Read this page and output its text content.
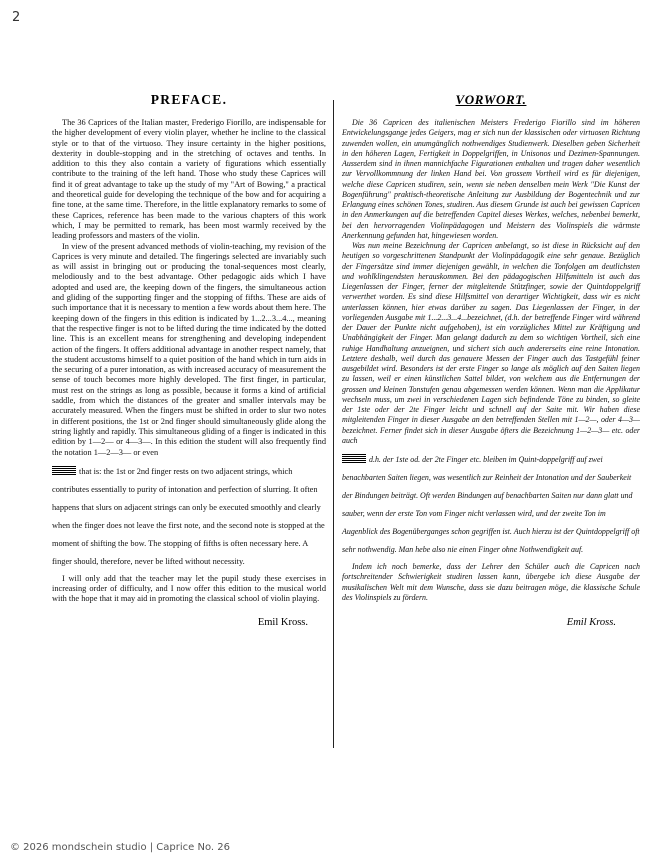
2
PREFACE.

The 36 Caprices of the Italian master, Frederigo Fiorillo, are indispensable for the higher development of every violin player, whether he incline to the classical style or to that of the virtuoso. They insure certainty in the higher positions, dexterity in double-stopping and in the stretching of octaves and tenths. In addition to this they also contain a variety of figurations which essentially contribute to the training of the left hand. Those who study these Caprices will find it of great advantage to take up the study of my "Art of Bowing," a practical and theoretical guide for developing the technique of the bow and for acquiring a fine tone, at the same time. Therefore, in the little explanatory remarks to some of these Caprices, reference has been made to the various chapters of this work which, I may be permitted to remark, has been most warmly received by the leading professors and masters of the violin.

In view of the present advanced methods of violin-teaching, my revision of the Caprices is very minute and detailed. The fingerings selected are invariably such as will assist in bringing out or producing the tonal-sequences most clearly, melodiously and to the best advantage. Other pedagogic aids which I have adopted and used are, the keeping down of the fingers, the simultaneous action and gliding of the supporting finger and the stopping of fifths. These are aids of such importance that it is necessary to mention a few words about them here. The keeping down of the fingers in this edition is indicated by 1...2...3...4..., meaning that the respective finger is not to be lifted during the time indicated by the dotted line. This is an excellent means for strengthening and developing independent action of the fingers. It offers additional advantage in another respect namely, that the student accustoms himself to a quiet position of the hand which in turn aids in the securing of a purer intonation, as with increased accuracy of measurement the sense of touch becomes more highly developed. The first finger, in particular, must rest on the strings as long as possible, because it forms a kind of artificial saddle, from which the distances of the greater and smaller intervals may be accurately measured. When the fingers must be shifted in order to slur two notes in different positions, the 1st or 2nd finger should simultaneously glide along the string lightly and rapidly. This simultaneous gliding of a finger is indicated in this edition by 1—2— or 4—3—. In this edition the student will also frequently find the notation 1—2—3— or even

that is: the 1st or 2nd finger rests on two adjacent strings, which contributes essentially to purity of intonation and perfection of slurring. It often happens that slurs on adjacent strings can only be executed smoothly and clearly when the finger does not leave the first note, and the second note is stopped at the moment of shifting the bow. The stopping of fifths is often necessary here. A finger should, therefore, never be lifted without necessity.

I will only add that the teacher may let the pupil study these exercises in increasing order of difficulty, and I now offer this edition to the musical world with the hope that it may aid in promoting the classical school of violin playing.

Emil Kross.
VORWORT.

Die 36 Capricen des italienischen Meisters Frederigo Fiorillo sind im höheren Entwickelungsgange jedes Geigers, mag er sich nun der klassischen oder virtuosen Richtung zuwenden wollen, ein unumgänglich nothwendiges Studienwerk. Dieselben geben Sicherheit in den höheren Lagen, Fertigkeit in Doppelgriffen, in Unisonos und Dezimen-Spannungen. Ausserdem sind in ihnen mannichfache Figurationen enthalten und tragen daher wesentlich zur Vervollkommnung der linken Hand bei. Von grossem Vortheil wird es für diejenigen, welche diese Capricen studiren, sein, wenn sie neben denselben mein Werk "Die Kunst der Bogenführung" praktisch-theoretische Anleitung zur Ausbildung der Bogentechnik und zur Erlangung eines schönen Tones, studiren. Aus diesem Grunde ist auch bei gewissen Capricen in den Anmerkungen auf die betreffenden Capitel dieses Werkes, welches, nebenbei bemerkt, bei den hervorragenden Violinpädagogen und Meistern des Violinspiels die wärmste Anerkennung gefunden hat, hingewiesen worden.

Was nun meine Bezeichnung der Capricen anbelangt, so ist diese in Rücksicht auf den heutigen so vorgeschrittenen Standpunkt der Violinpädagogik eine sehr genaue. Bezüglich der Fingersätze sind immer diejenigen gewählt, in welchen die Tonfolgen am deutlichsten und wohlklingendsten herauskommen. Bei den pädagogischen Hilfsmitteln ist auch das Liegenlassen der Finger, ferner der mitgleitende Stützfinger, sowie der Quintdoppelgriff verwerthet worden. Es sind diese Hilfsmittel von derartiger Wichtigkeit, dass wir es nicht unterlassen können, hier etwas darüber zu sagen. Das Liegenlassen der Finger, in der vorliegenden Ausgabe mit 1...2...3...4...bezeichnet, (d.h. der betreffende Finger wird während der Dauer der Punkte nicht aufgehoben), ist ein vorzügliches Mittel zur Kräftigung und Unabhängigkeit der Finger. Man gelangt dadurch zu dem so wichtigen Vortheil, sich eine ruhige Handhaltung anzueignen, und sichert sich auch andererseits eine reine Intonation. Letztere deshalb, weil durch das genauere Messen der Finger auch das Tastgefühl feiner ausgebildet wird. Besonders ist der erste Finger so lange als möglich auf den Saiten liegen zu lassen, weil er einen künstlichen Sattel bildet, von welchem aus die Entfernungen der grossen und kleinen Tonstufen genau abgemessen werden können. Wenn man die Applikatur wechseln muss, um zwei in verschiedenen Lagen sich befindende Töne zu binden, so gleite der 1ste oder der 2te Finger leicht und schnell auf der Saite mit. Wir haben diese mitgleitenden Finger in dieser Ausgabe an den betreffenden Stellen mit 1—2—, oder 4—3— bezeichnet. Ferner findet sich in dieser Ausgabe öfters die Bezeichnung 1—2—3— etc. oder auch

d.h. der 1ste od. der 2te Finger etc. bleiben im Quint-doppelgriff auf zwei benachbarten Saiten liegen, was wesentlich zur Reinheit der Intonation und der Sauberkeit der Bindungen beiträgt. Oft werden Bindungen auf benachbarten Saiten nur dann glatt und sauber, wenn der erste Ton vom Finger nicht verlassen wird, und der zweite Ton im Augenblick des Bogenüberganges schon gegriffen ist. Auch hierzu ist der Quintdoppelgriff oft sehr nothwendig. Man hebe also nie einen Finger ohne Nothwendigkeit auf.

Indem ich noch bemerke, dass der Lehrer den Schüler auch die Capricen nach fortschreitender Schwierigkeit studiren lassen kann, übergebe ich diese Ausgabe der musikalischen Welt mit dem Wunsche, dass sie dazu beitragen möge, die klassische Schule des Violinspiels zu fördern.

Emil Kross.
© 2026 mondschein studio | Caprice No. 26
